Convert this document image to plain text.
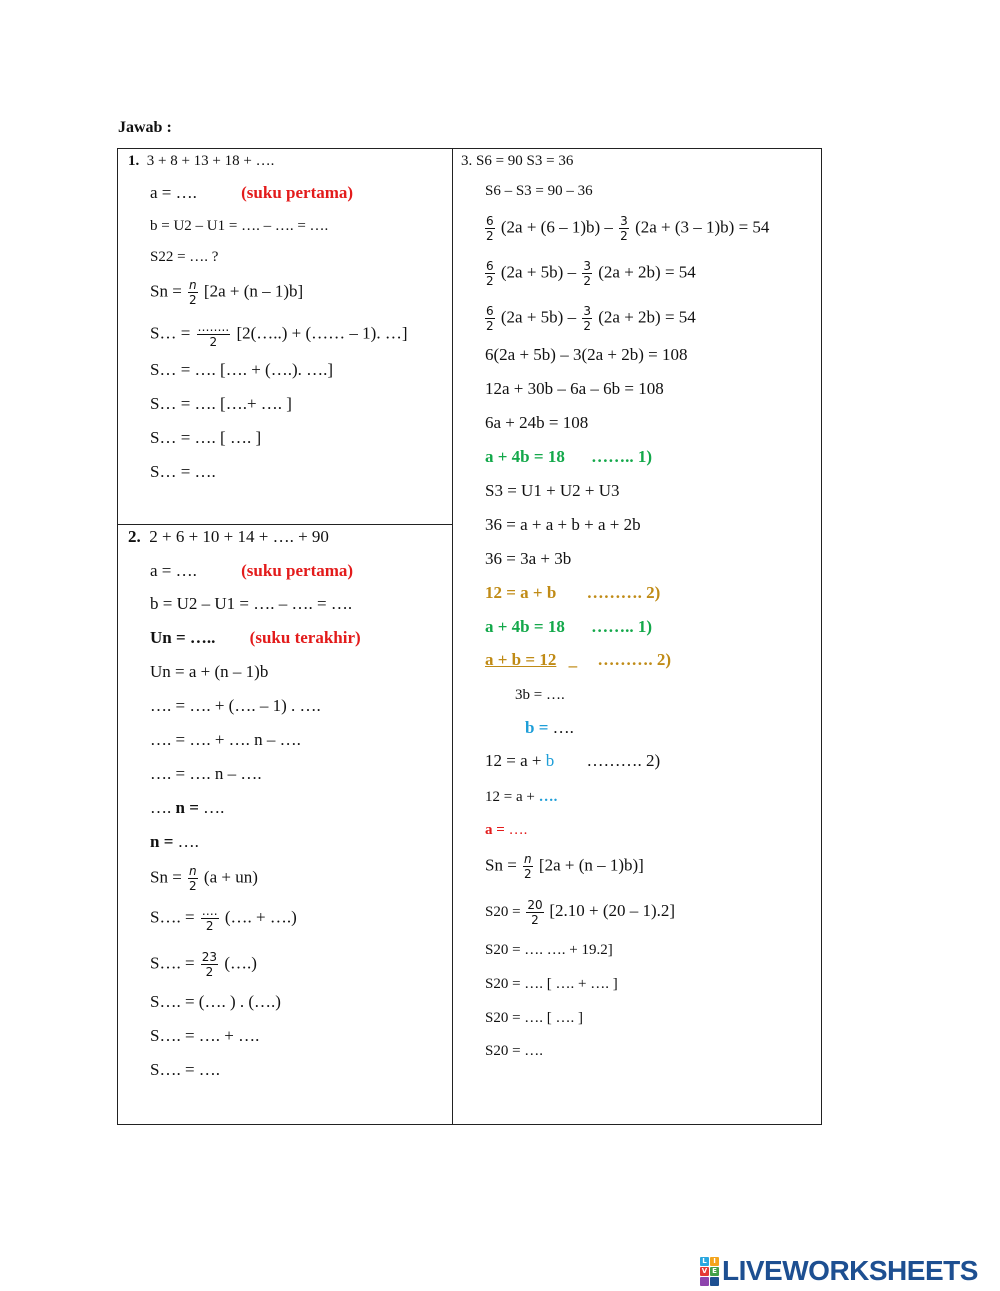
Jawab :
1. 3 + 8 + 13 + 18 + ….
a = ….	(suku pertama)
b = U2 – U1 = …. – …. = ….
S22 = …. ?
$Sn = \frac{n}{2} [2a + (n - 1)b]$
S… = $\frac{\dots\dots..}{2}$ [2(…..) + (…… – 1). …]
S… = …. […. + (….). ….]
S… = …. [….+ …. ]
S… = …. [ …. ]
S… = ….
2. 2 + 6 + 10 + 14 + …. + 90
a = ….	(suku pertama)
b = U2 – U1 = …. – …. = ….
Un = ….. (suku terakhir)
Un = a + (n – 1)b
…. = …. + (…. – 1) . ….
…. = …. + …. n – ….
…. = …. n – ….
…. n = ….
n = ….
$Sn = \frac{n}{2} (a + un)$
S…. = $\frac{\dots.}{2}$ (…. + ….)
S…. = $\frac{23}{2}$ (….)
S…. = (…. ) . (….)
S…. = …. + ….
S…. = ….
3. S6 = 90 S3 = 36
S6 – S3 = 90 – 36
$\frac{6}{2} (2a + (6 - 1)b) - \frac{3}{2} (2a + (3 - 1)b) = 54$
$\frac{6}{2} (2a + 5b) - \frac{3}{2} (2a + 2b) = 54$
$\frac{6}{2} (2a + 5b) - \frac{3}{2} (2a + 2b) = 54$
6(2a + 5b) – 3(2a + 2b) = 108
12a + 30b – 6a – 6b = 108
6a + 24b = 108
a + 4b = 18 …….. 1)
S3 = U1 + U2 + U3
36 = a + a + b + a + 2b
36 = 3a + 3b
12 = a + b ………. 2)
a + 4b = 18 …….. 1)
a + b = 12 _ ………. 2)
3b = ….
b = ….
12 = a + b ………. 2)
12 = a + ….
a = ….
$Sn = \frac{n}{2} [2a + (n - 1)b)$]
$S20 = \frac{20}{2} [2.10 + (20 - 1).2]$
S20 = …. …. + 19.2]
S20 = …. [ …. + …. ]
S20 = …. [ …. ]
S20 = ….
L I
V E LIVEWORKSHEETS
